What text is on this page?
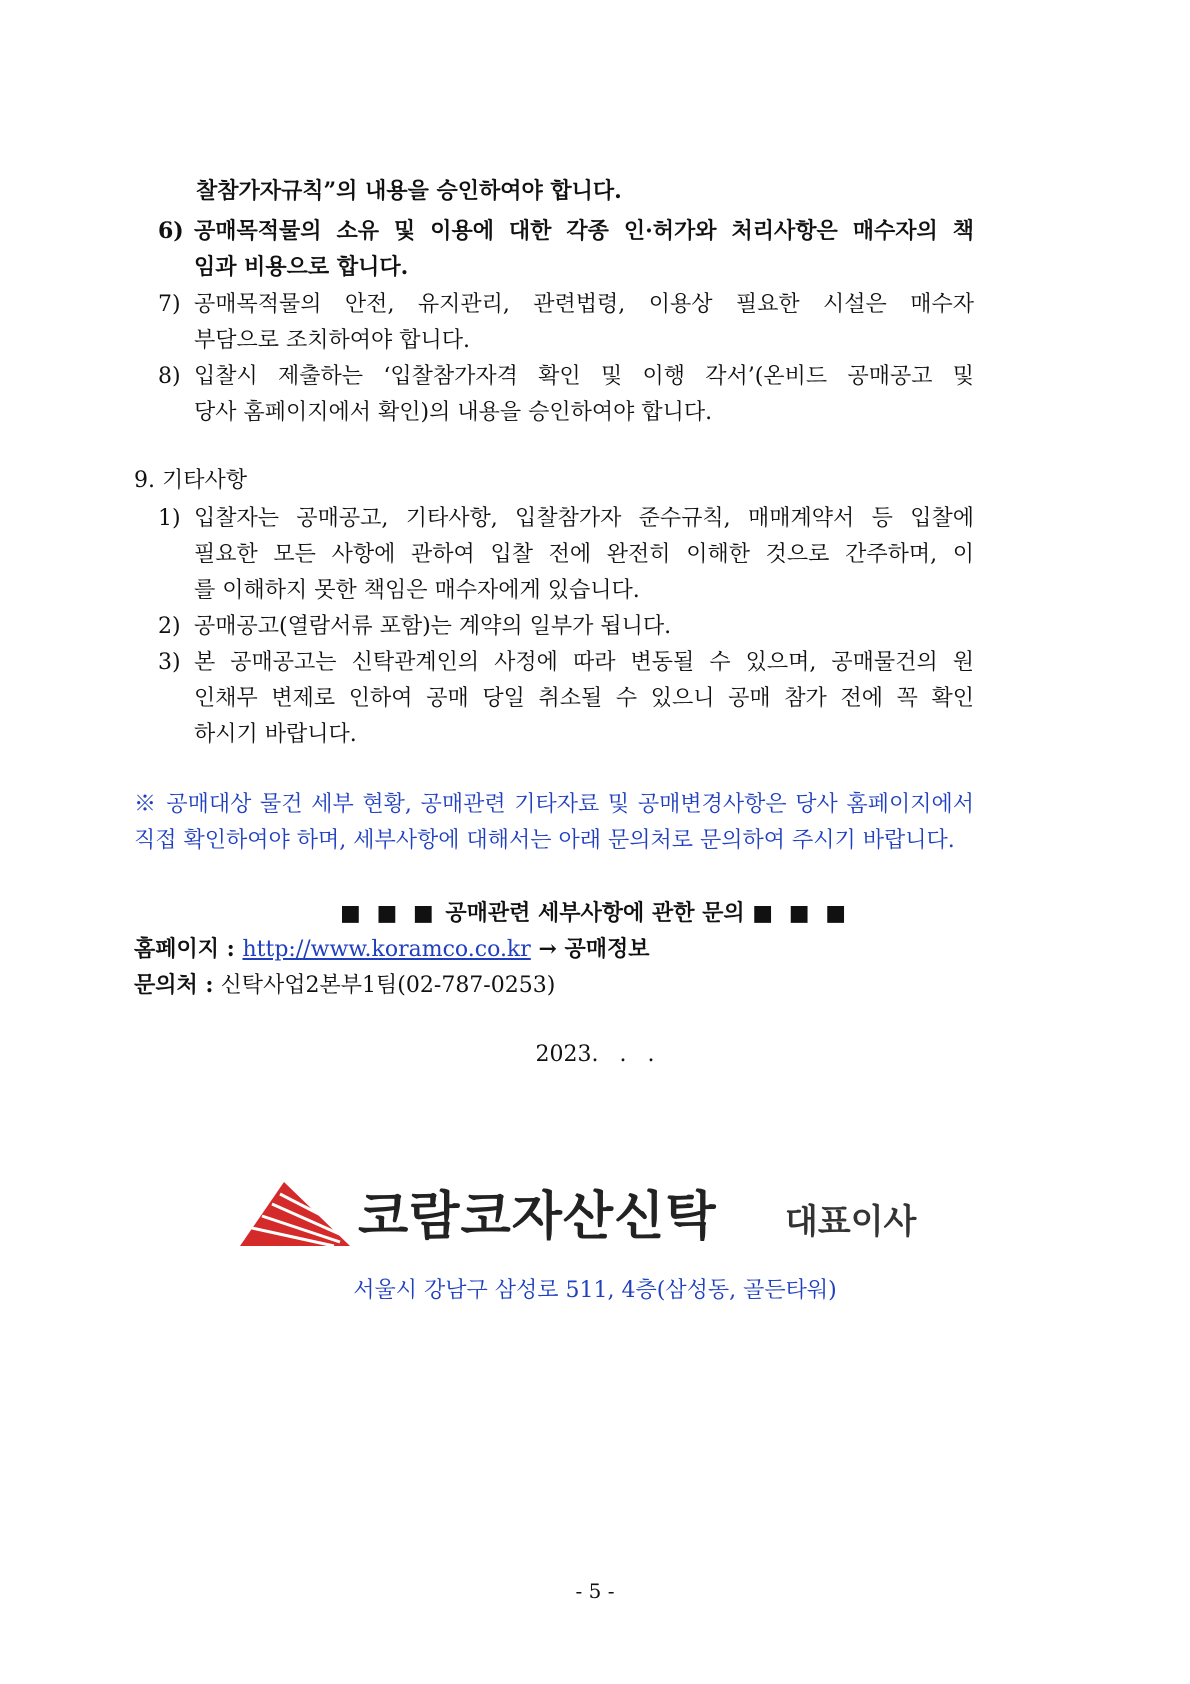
찰참가자규칙”의 내용을 승인하여야 합니다.
6) 공매목적물의 소유 및 이용에 대한 각종 인·허가와 처리사항은 매수자의 책
임과 비용으로 합니다.
7) 공매목적물의 안전, 유지관리, 관련법령, 이용상 필요한 시설은 매수자
부담으로 조치하여야 합니다.
8) 입찰시 제출하는 ‘입찰참가자격 확인 및 이행 각서’(온비드 공매공고 및
당사 홈페이지에서 확인)의 내용을 승인하여야 합니다.
9. 기타사항
1) 입찰자는 공매공고, 기타사항, 입찰참가자 준수규칙, 매매계약서 등 입찰에
필요한 모든 사항에 관하여 입찰 전에 완전히 이해한 것으로 간주하며, 이
를 이해하지 못한 책임은 매수자에게 있습니다.
2) 공매공고(열람서류 포함)는 계약의 일부가 됩니다.
3) 본 공매공고는 신탁관계인의 사정에 따라 변동될 수 있으며, 공매물건의 원
인채무 변제로 인하여 공매 당일 취소될 수 있으니 공매 참가 전에 꼭 확인
하시기 바랍니다.
※ 공매대상 물건 세부 현황, 공매관련 기타자료 및 공매변경사항은 당사 홈페이지에서
직접 확인하여야 하며, 세부사항에 대해서는 아래 문의처로 문의하여 주시기 바랍니다.
■ ■ ■ 공매관련 세부사항에 관한 문의 ■ ■ ■
홈페이지 : http://www.koramco.co.kr → 공매정보
문의처 : 신탁사업2본부1팀(02-787-0253)
2023.   .   .
코람코자산신탁 대표이사
서울시 강남구 삼성로 511, 4층(삼성동, 골든타워)
- 5 -
